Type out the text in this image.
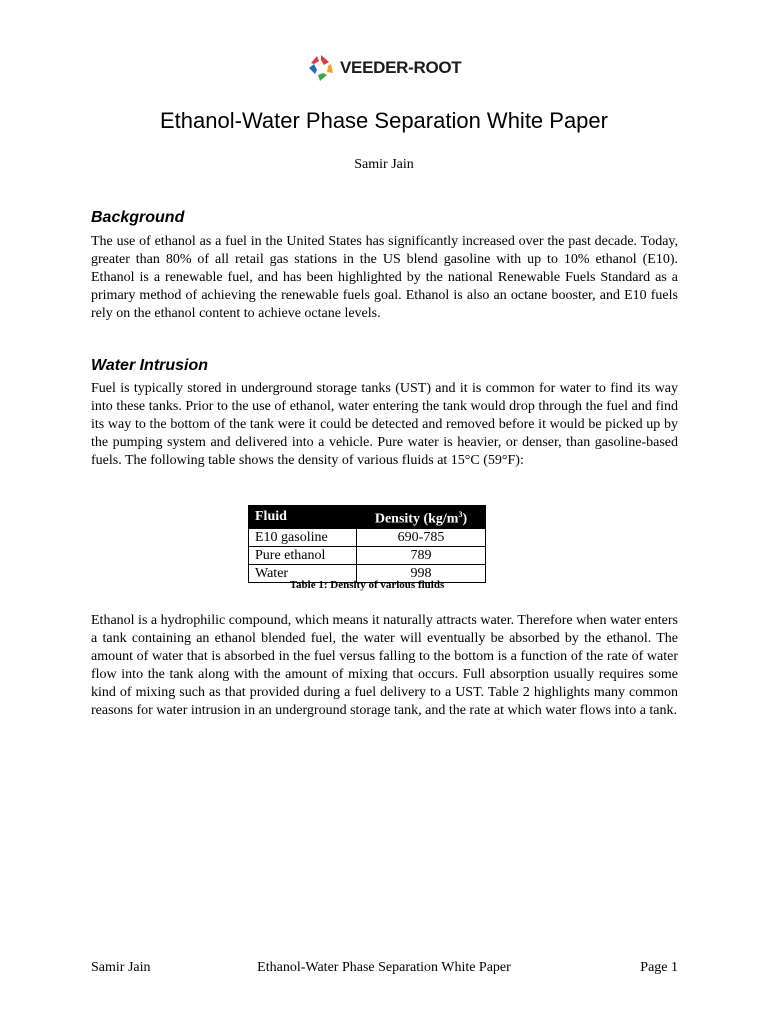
VEEDER-ROOT
Ethanol-Water Phase Separation White Paper

Samir Jain

Background

The use of ethanol as a fuel in the United States has significantly increased over the past decade. Today, greater than 80% of all retail gas stations in the US blend gasoline with up to 10% ethanol (E10). Ethanol is a renewable fuel, and has been highlighted by the national Renewable Fuels Standard as a primary method of achieving the renewable fuels goal. Ethanol is also an octane booster, and E10 fuels rely on the ethanol content to achieve octane levels.

Water Intrusion

Fuel is typically stored in underground storage tanks (UST) and it is common for water to find its way into these tanks. Prior to the use of ethanol, water entering the tank would drop through the fuel and find its way to the bottom of the tank were it could be detected and removed before it would be picked up by the pumping system and delivered into a vehicle. Pure water is heavier, or denser, than gasoline-based fuels. The following table shows the density of various fluids at 15°C (59°F):

Fluid	Density $(kg/m^3)$
E10 gasoline	690-785
Pure ethanol	789
Water	998

Table 1: Density of various fluids

Ethanol is a hydrophilic compound, which means it naturally attracts water. Therefore when water enters a tank containing an ethanol blended fuel, the water will eventually be absorbed by the ethanol. The amount of water that is absorbed in the fuel versus falling to the bottom is a function of the rate of water flow into the tank along with the amount of mixing that occurs. Full absorption usually requires some kind of mixing such as that provided during a fuel delivery to a UST. Table 2 highlights many common reasons for water intrusion in an underground storage tank, and the rate at which water flows into a tank.

Samir Jain	Ethanol-Water Phase Separation White Paper	Page 1
